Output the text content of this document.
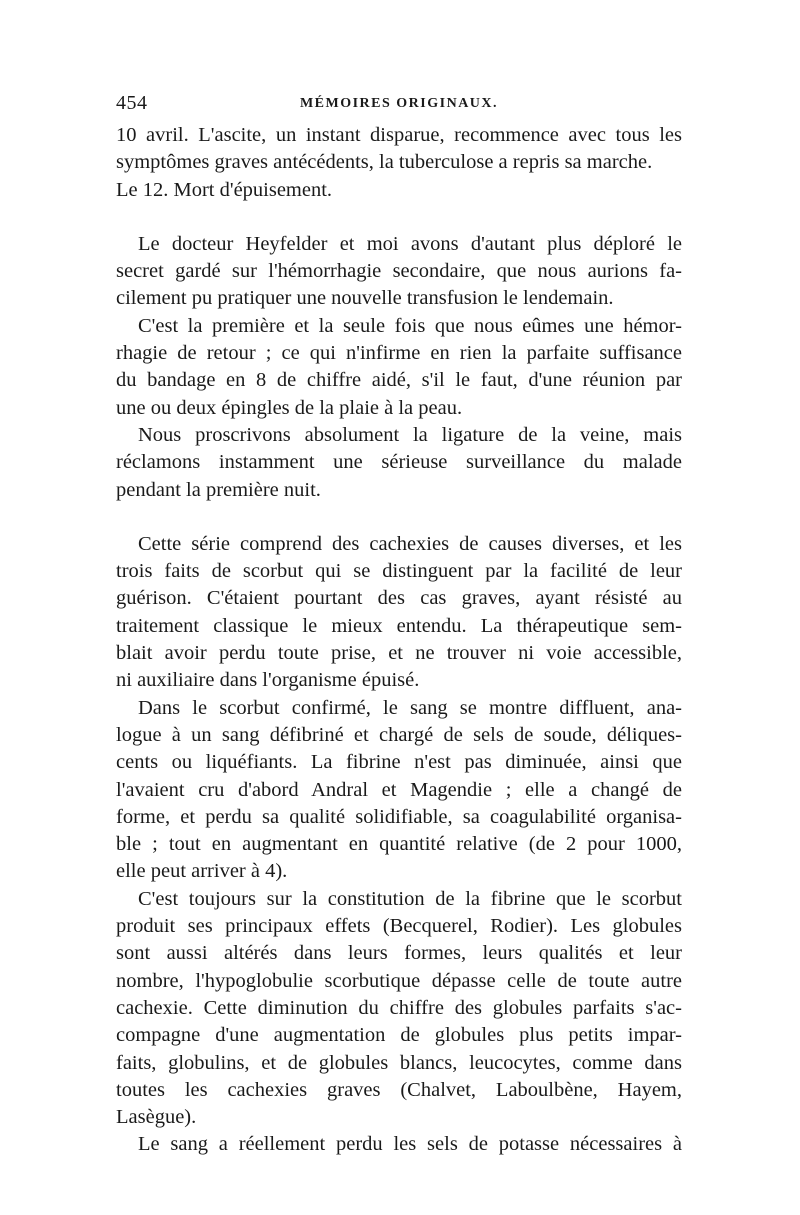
454	MÉMOIRES ORIGINAUX.
10 avril. L'ascite, un instant disparue, recommence avec tous les
symptômes graves antécédents, la tuberculose a repris sa marche.
Le 12. Mort d'épuisement.
Le docteur Heyfelder et moi avons d'autant plus déploré le
secret gardé sur l'hémorrhagie secondaire, que nous aurions fa-
cilement pu pratiquer une nouvelle transfusion le lendemain.
C'est la première et la seule fois que nous eûmes une hémor-
rhagie de retour ; ce qui n'infirme en rien la parfaite suffisance
du bandage en 8 de chiffre aidé, s'il le faut, d'une réunion par
une ou deux épingles de la plaie à la peau.
Nous proscrivons absolument la ligature de la veine, mais
réclamons instamment une sérieuse surveillance du malade
pendant la première nuit.
Cette série comprend des cachexies de causes diverses, et les
trois faits de scorbut qui se distinguent par la facilité de leur
guérison. C'étaient pourtant des cas graves, ayant résisté au
traitement classique le mieux entendu. La thérapeutique sem-
blait avoir perdu toute prise, et ne trouver ni voie accessible,
ni auxiliaire dans l'organisme épuisé.
Dans le scorbut confirmé, le sang se montre diffluent, ana-
logue à un sang défibriné et chargé de sels de soude, déliques-
cents ou liquéfiants. La fibrine n'est pas diminuée, ainsi que
l'avaient cru d'abord Andral et Magendie ; elle a changé de
forme, et perdu sa qualité solidifiable, sa coagulabilité organisa-
ble ; tout en augmentant en quantité relative (de 2 pour 1000,
elle peut arriver à 4).
C'est toujours sur la constitution de la fibrine que le scorbut
produit ses principaux effets (Becquerel, Rodier). Les globules
sont aussi altérés dans leurs formes, leurs qualités et leur
nombre, l'hypoglobulie scorbutique dépasse celle de toute autre
cachexie. Cette diminution du chiffre des globules parfaits s'ac-
compagne d'une augmentation de globules plus petits impar-
faits, globulins, et de globules blancs, leucocytes, comme dans
toutes les cachexies graves (Chalvet, Laboulbène, Hayem,
Lasègue).
Le sang a réellement perdu les sels de potasse nécessaires à
